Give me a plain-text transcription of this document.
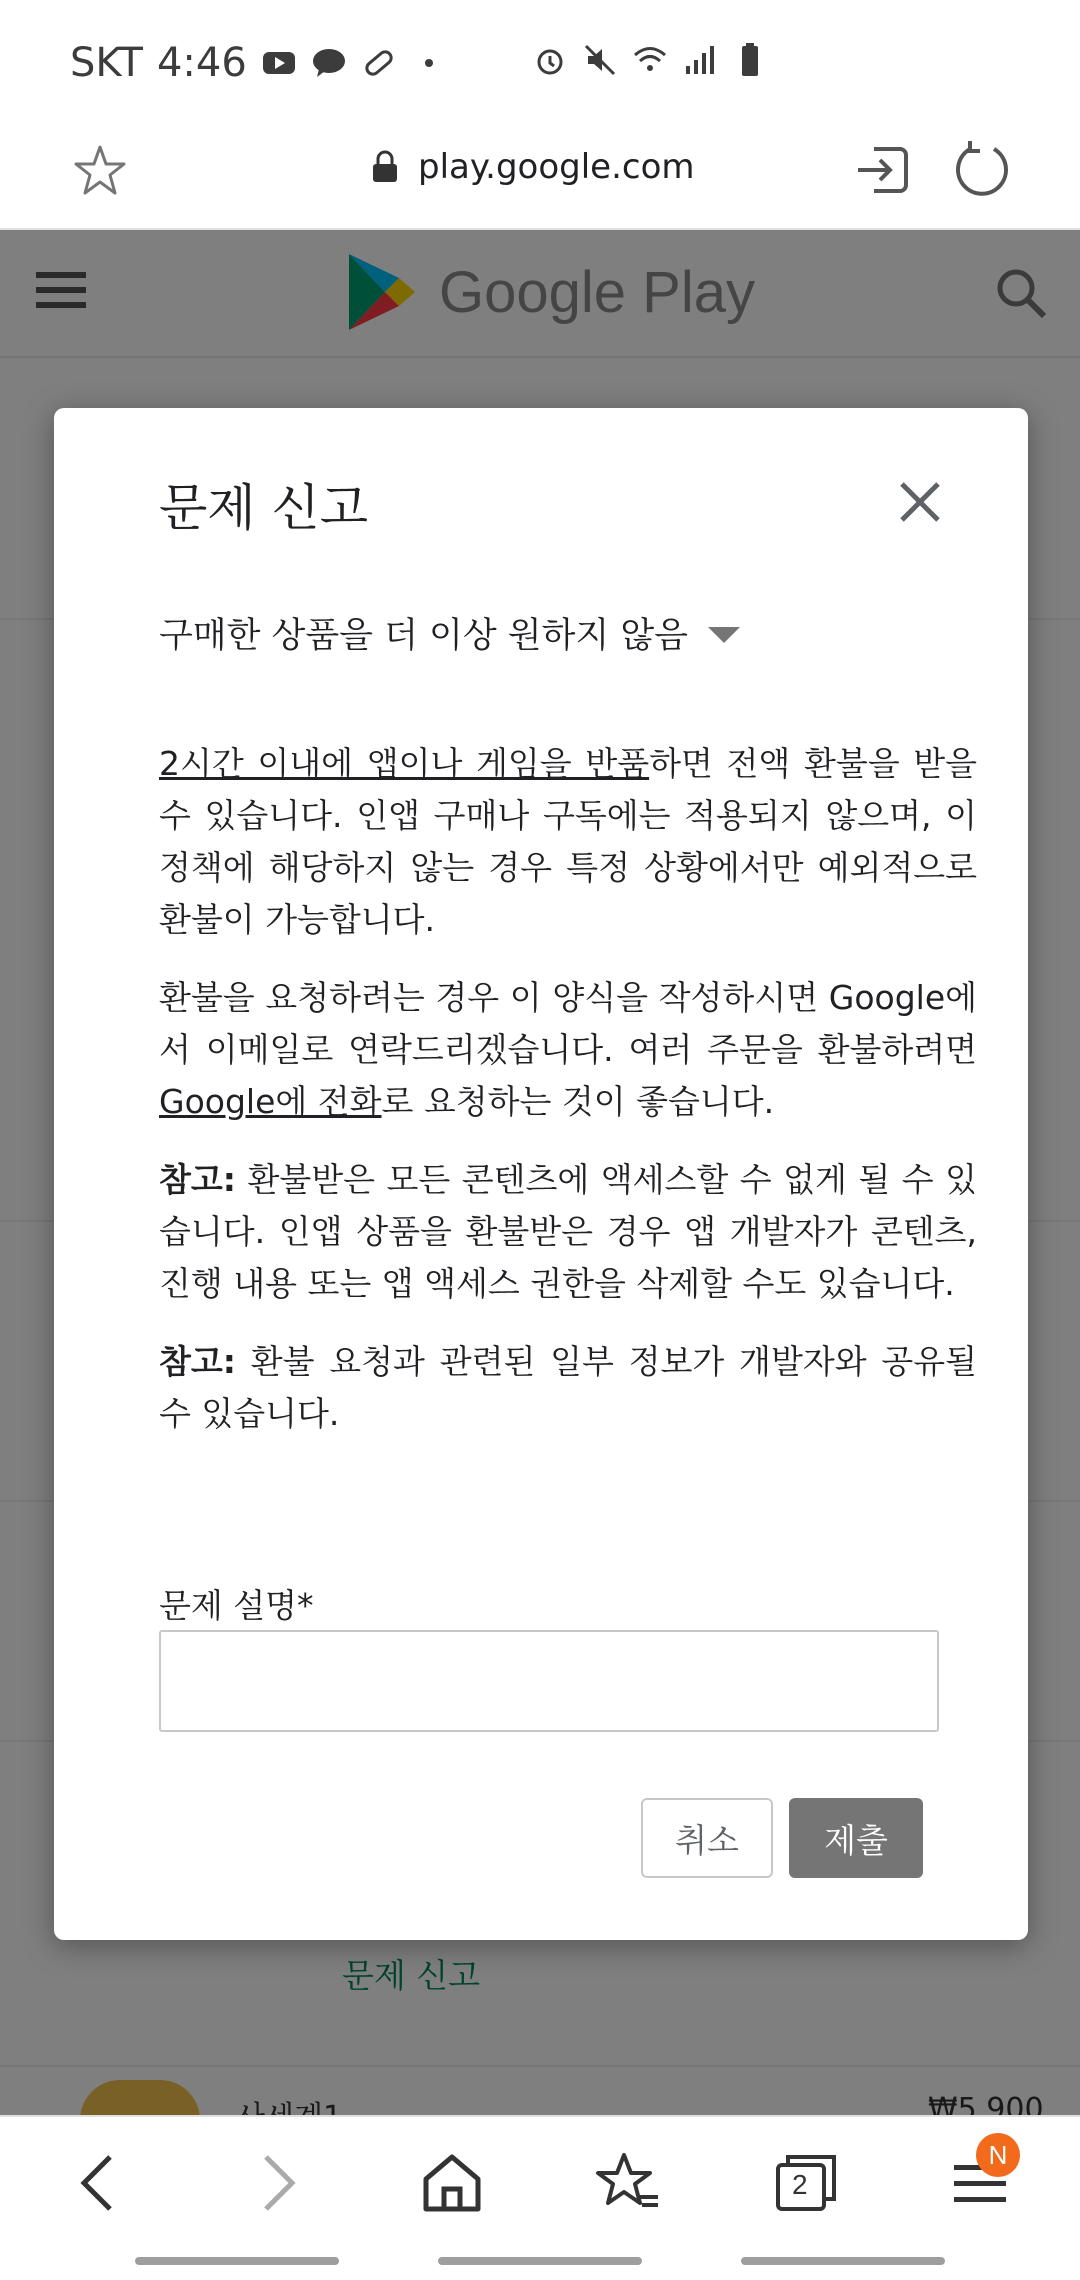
SKT 4:46
play.google.com
문제 신고
구매한 상품을 더 이상 원하지 않음

2시간 이내에 앱이나 게임을 반품하면 전액 환불을 받을 수 있습니다. 인앱 구매나 구독에는 적용되지 않으며, 이 정책에 해당하지 않는 경우 특정 상황에서만 예외적으로 환불이 가능합니다.

환불을 요청하려는 경우 이 양식을 작성하시면 Google에서 이메일로 연락드리겠습니다. 여러 주문을 환불하려면 Google에 전화로 요청하는 것이 좋습니다.

참고: 환불받은 모든 콘텐츠에 액세스할 수 없게 될 수 있습니다. 인앱 상품을 환불받은 경우 앱 개발자가 콘텐츠, 진행 내용 또는 앱 액세스 권한을 삭제할 수도 있습니다.

참고: 환불 요청과 관련된 일부 정보가 개발자와 공유될 수 있습니다.

문제 설명*
취소	제출
2
N
